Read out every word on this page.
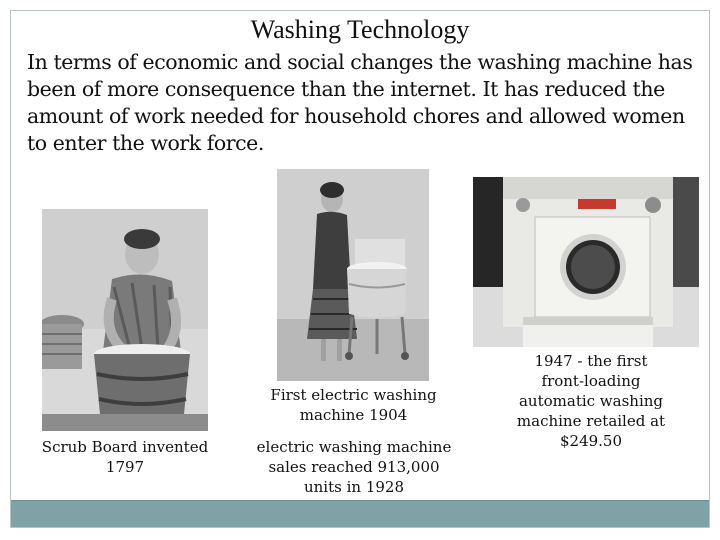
Washing Technology
In terms of economic and social changes the washing machine has been of more consequence than the internet. It has reduced the amount of work needed for household chores and allowed women to enter the work force.
Scrub Board invented 1797
First electric washing machine 1904
electric washing machine sales reached 913,000 units in 1928
1947 - the first front-loading automatic washing machine retailed at $249.50
